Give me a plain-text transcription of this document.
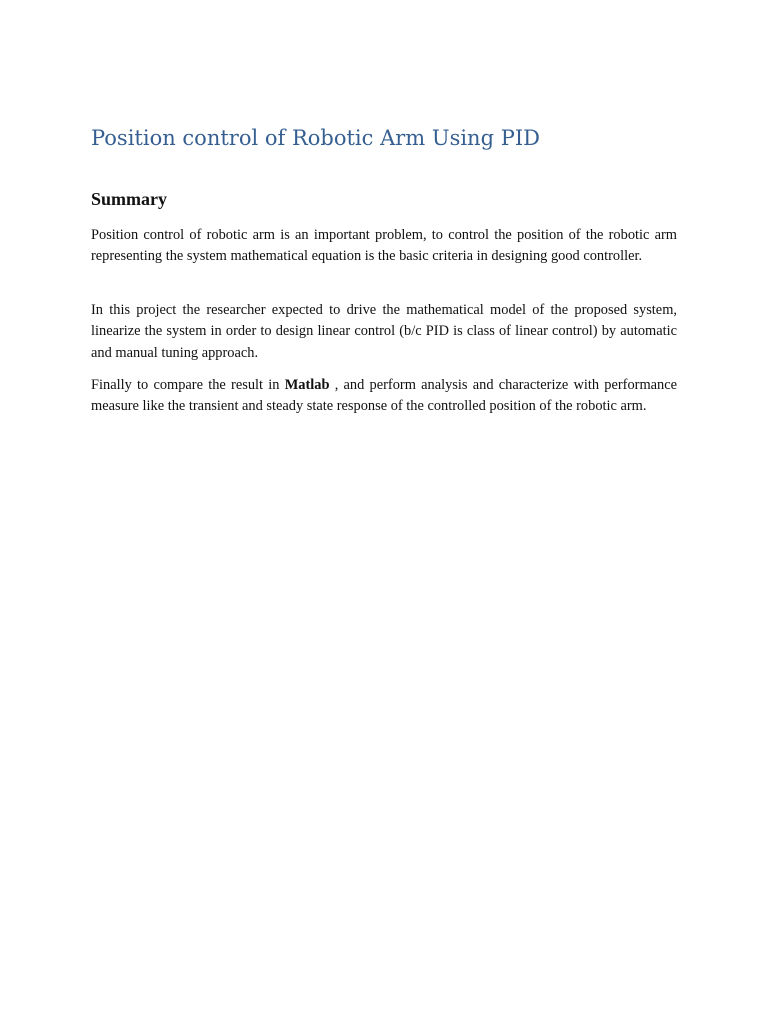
Position control of Robotic Arm Using PID
Summary

Position control of robotic arm is an important problem, to control the position of the robotic arm representing the system mathematical equation is the basic criteria in designing good controller.

In this project the researcher expected to drive the mathematical model of the proposed system, linearize the system in order to design linear control (b/c PID is class of linear control) by automatic and manual tuning approach.

Finally to compare the result in Matlab , and perform analysis and characterize with performance measure like the transient and steady state response of the controlled position of the robotic arm.
